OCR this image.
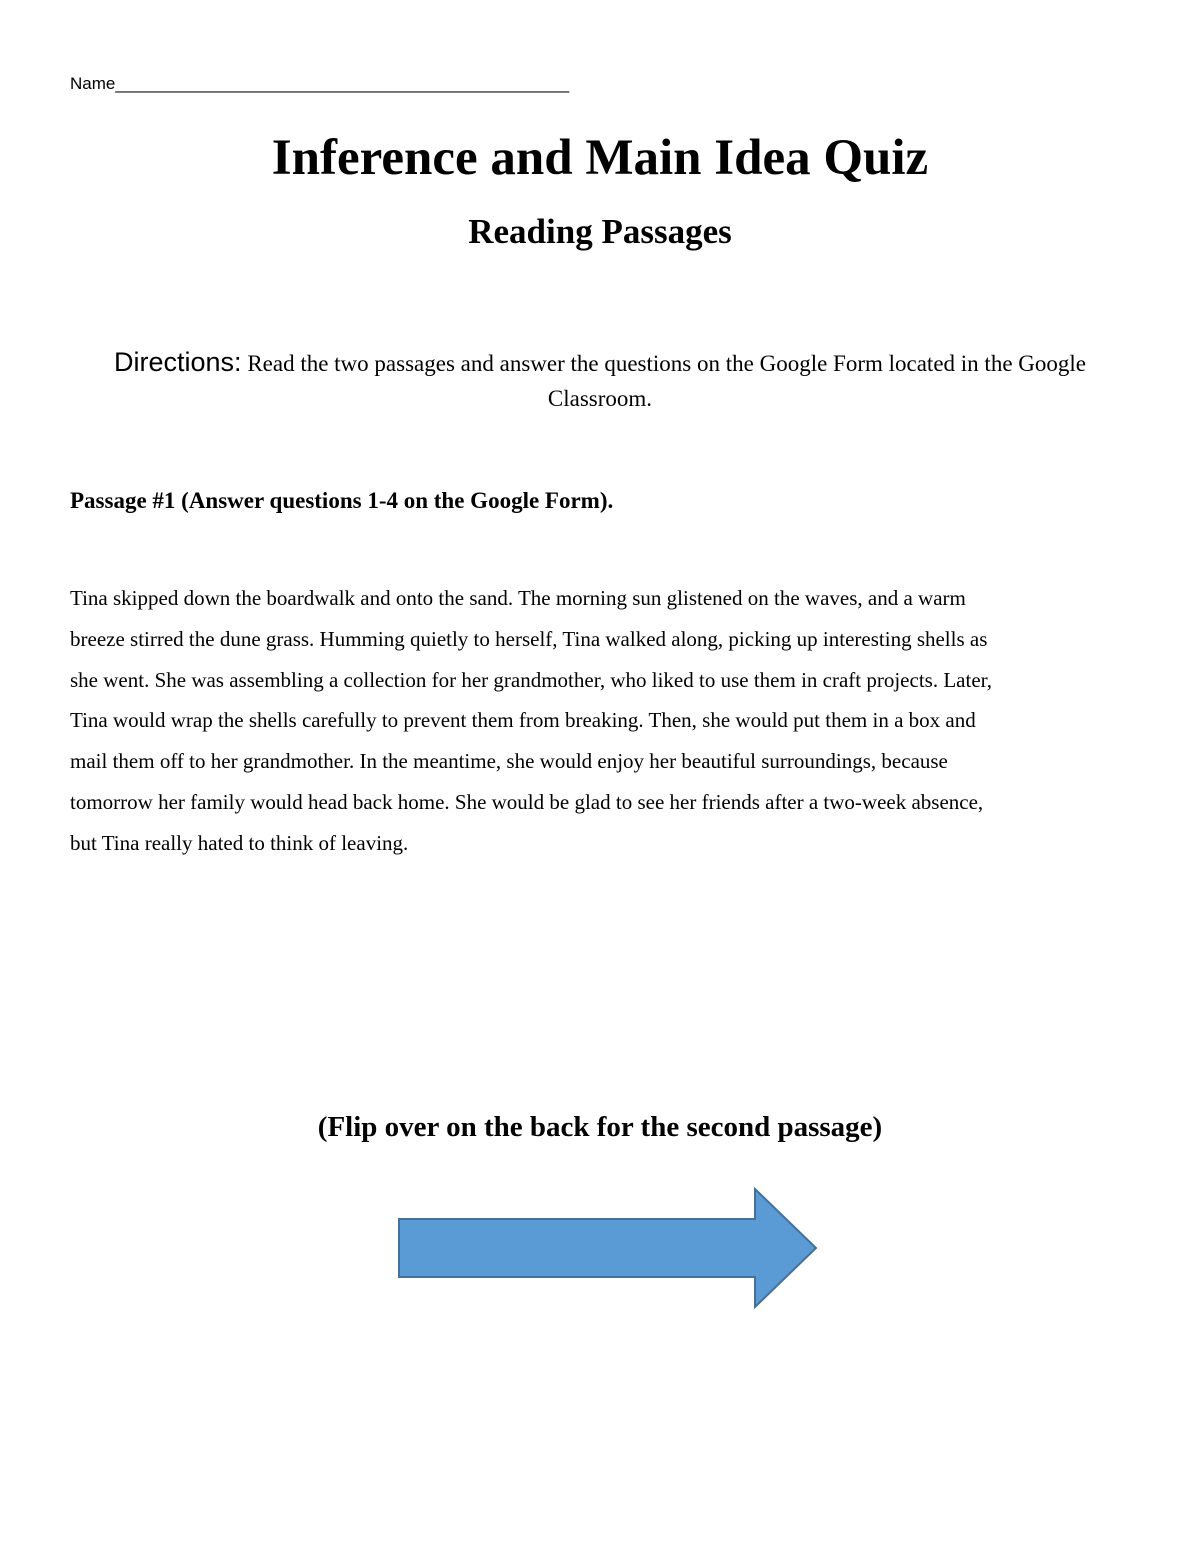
Name________________________________________________
Inference and Main Idea Quiz
Reading Passages

Directions: Read the two passages and answer the questions on the Google Form located in the Google Classroom.

Passage #1 (Answer questions 1-4 on the Google Form).

Tina skipped down the boardwalk and onto the sand. The morning sun glistened on the waves, and a warm
breeze stirred the dune grass. Humming quietly to herself, Tina walked along, picking up interesting shells as
she went. She was assembling a collection for her grandmother, who liked to use them in craft projects. Later,
Tina would wrap the shells carefully to prevent them from breaking. Then, she would put them in a box and
mail them off to her grandmother. In the meantime, she would enjoy her beautiful surroundings, because
tomorrow her family would head back home. She would be glad to see her friends after a two-week absence,
but Tina really hated to think of leaving.

(Flip over on the back for the second passage)
